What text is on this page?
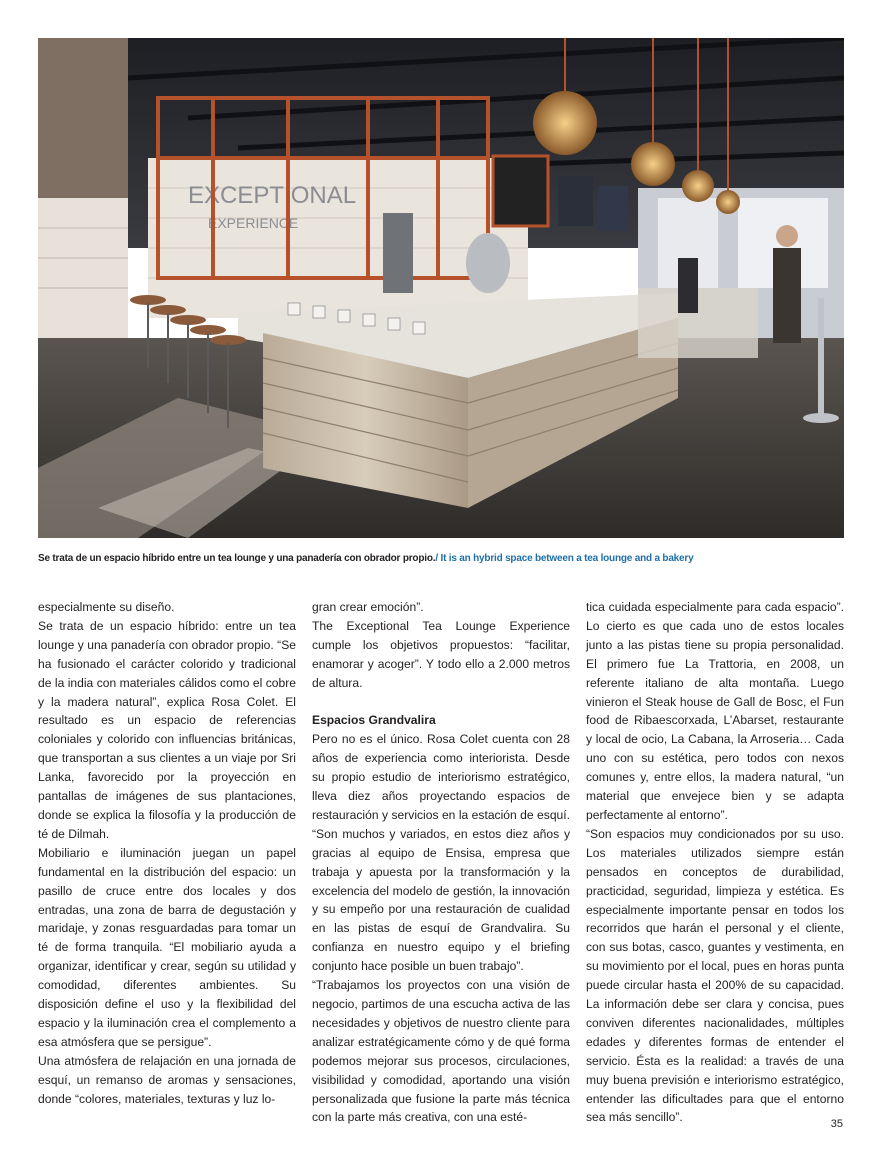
EXCEPTIONAL
EXPERIENCE
Se trata de un espacio híbrido entre un tea lounge y una panadería con obrador propio./ It is an hybrid space between a tea lounge and a bakery

especialmente su diseño.

Se trata de un espacio híbrido: entre un tea lounge y una panadería con obrador propio. “Se ha fusionado el carácter colorido y tradicional de la india con materiales cálidos como el cobre y la madera natural”, explica Rosa Colet. El resultado es un espacio de referencias coloniales y colorido con influencias británicas, que transportan a sus clientes a un viaje por Sri Lanka, favorecido por la proyección en pantallas de imágenes de sus plantaciones, donde se explica la filosofía y la producción de té de Dilmah.

Mobiliario e iluminación juegan un papel fundamental en la distribución del espacio: un pasillo de cruce entre dos locales y dos entradas, una zona de barra de degustación y maridaje, y zonas resguardadas para tomar un té de forma tranquila. “El mobiliario ayuda a organizar, identificar y crear, según su utilidad y comodidad, diferentes ambientes. Su disposición define el uso y la flexibilidad del espacio y la iluminación crea el complemento a esa atmósfera que se persigue”.

Una atmósfera de relajación en una jornada de esquí, un remanso de aromas y sensaciones, donde “colores, materiales, texturas y luz lo-

gran crear emoción”.

The Exceptional Tea Lounge Experience cumple los objetivos propuestos: “facilitar, enamorar y acoger”. Y todo ello a 2.000 metros de altura.

Espacios Grandvalira

Pero no es el único. Rosa Colet cuenta con 28 años de experiencia como interiorista. Desde su propio estudio de interiorismo estratégico, lleva diez años proyectando espacios de restauración y servicios en la estación de esquí. “Son muchos y variados, en estos diez años y gracias al equipo de Ensisa, empresa que trabaja y apuesta por la transformación y la excelencia del modelo de gestión, la innovación y su empeño por una restauración de cualidad en las pistas de esquí de Grandvalira. Su confianza en nuestro equipo y el briefing conjunto hace posible un buen trabajo”.

“Trabajamos los proyectos con una visión de negocio, partimos de una escucha activa de las necesidades y objetivos de nuestro cliente para analizar estratégicamente cómo y de qué forma podemos mejorar sus procesos, circulaciones, visibilidad y comodidad, aportando una visión personalizada que fusione la parte más técnica con la parte más creativa, con una esté-

tica cuidada especialmente para cada espacio”. Lo cierto es que cada uno de estos locales junto a las pistas tiene su propia personalidad. El primero fue La Trattoria, en 2008, un referente italiano de alta montaña. Luego vinieron el Steak house de Gall de Bosc, el Fun food de Ribaescorxada, L’Abarset, restaurante y local de ocio, La Cabana, la Arroseria… Cada uno con su estética, pero todos con nexos comunes y, entre ellos, la madera natural, “un material que envejece bien y se adapta perfectamente al entorno”.

“Son espacios muy condicionados por su uso. Los materiales utilizados siempre están pensados en conceptos de durabilidad, practicidad, seguridad, limpieza y estética. Es especialmente importante pensar en todos los recorridos que harán el personal y el cliente, con sus botas, casco, guantes y vestimenta, en su movimiento por el local, pues en horas punta puede circular hasta el 200% de su capacidad. La información debe ser clara y concisa, pues conviven diferentes nacionalidades, múltiples edades y diferentes formas de entender el servicio. Ésta es la realidad: a través de una muy buena previsión e interiorismo estratégico, entender las dificultades para que el entorno sea más sencillo”.	35
